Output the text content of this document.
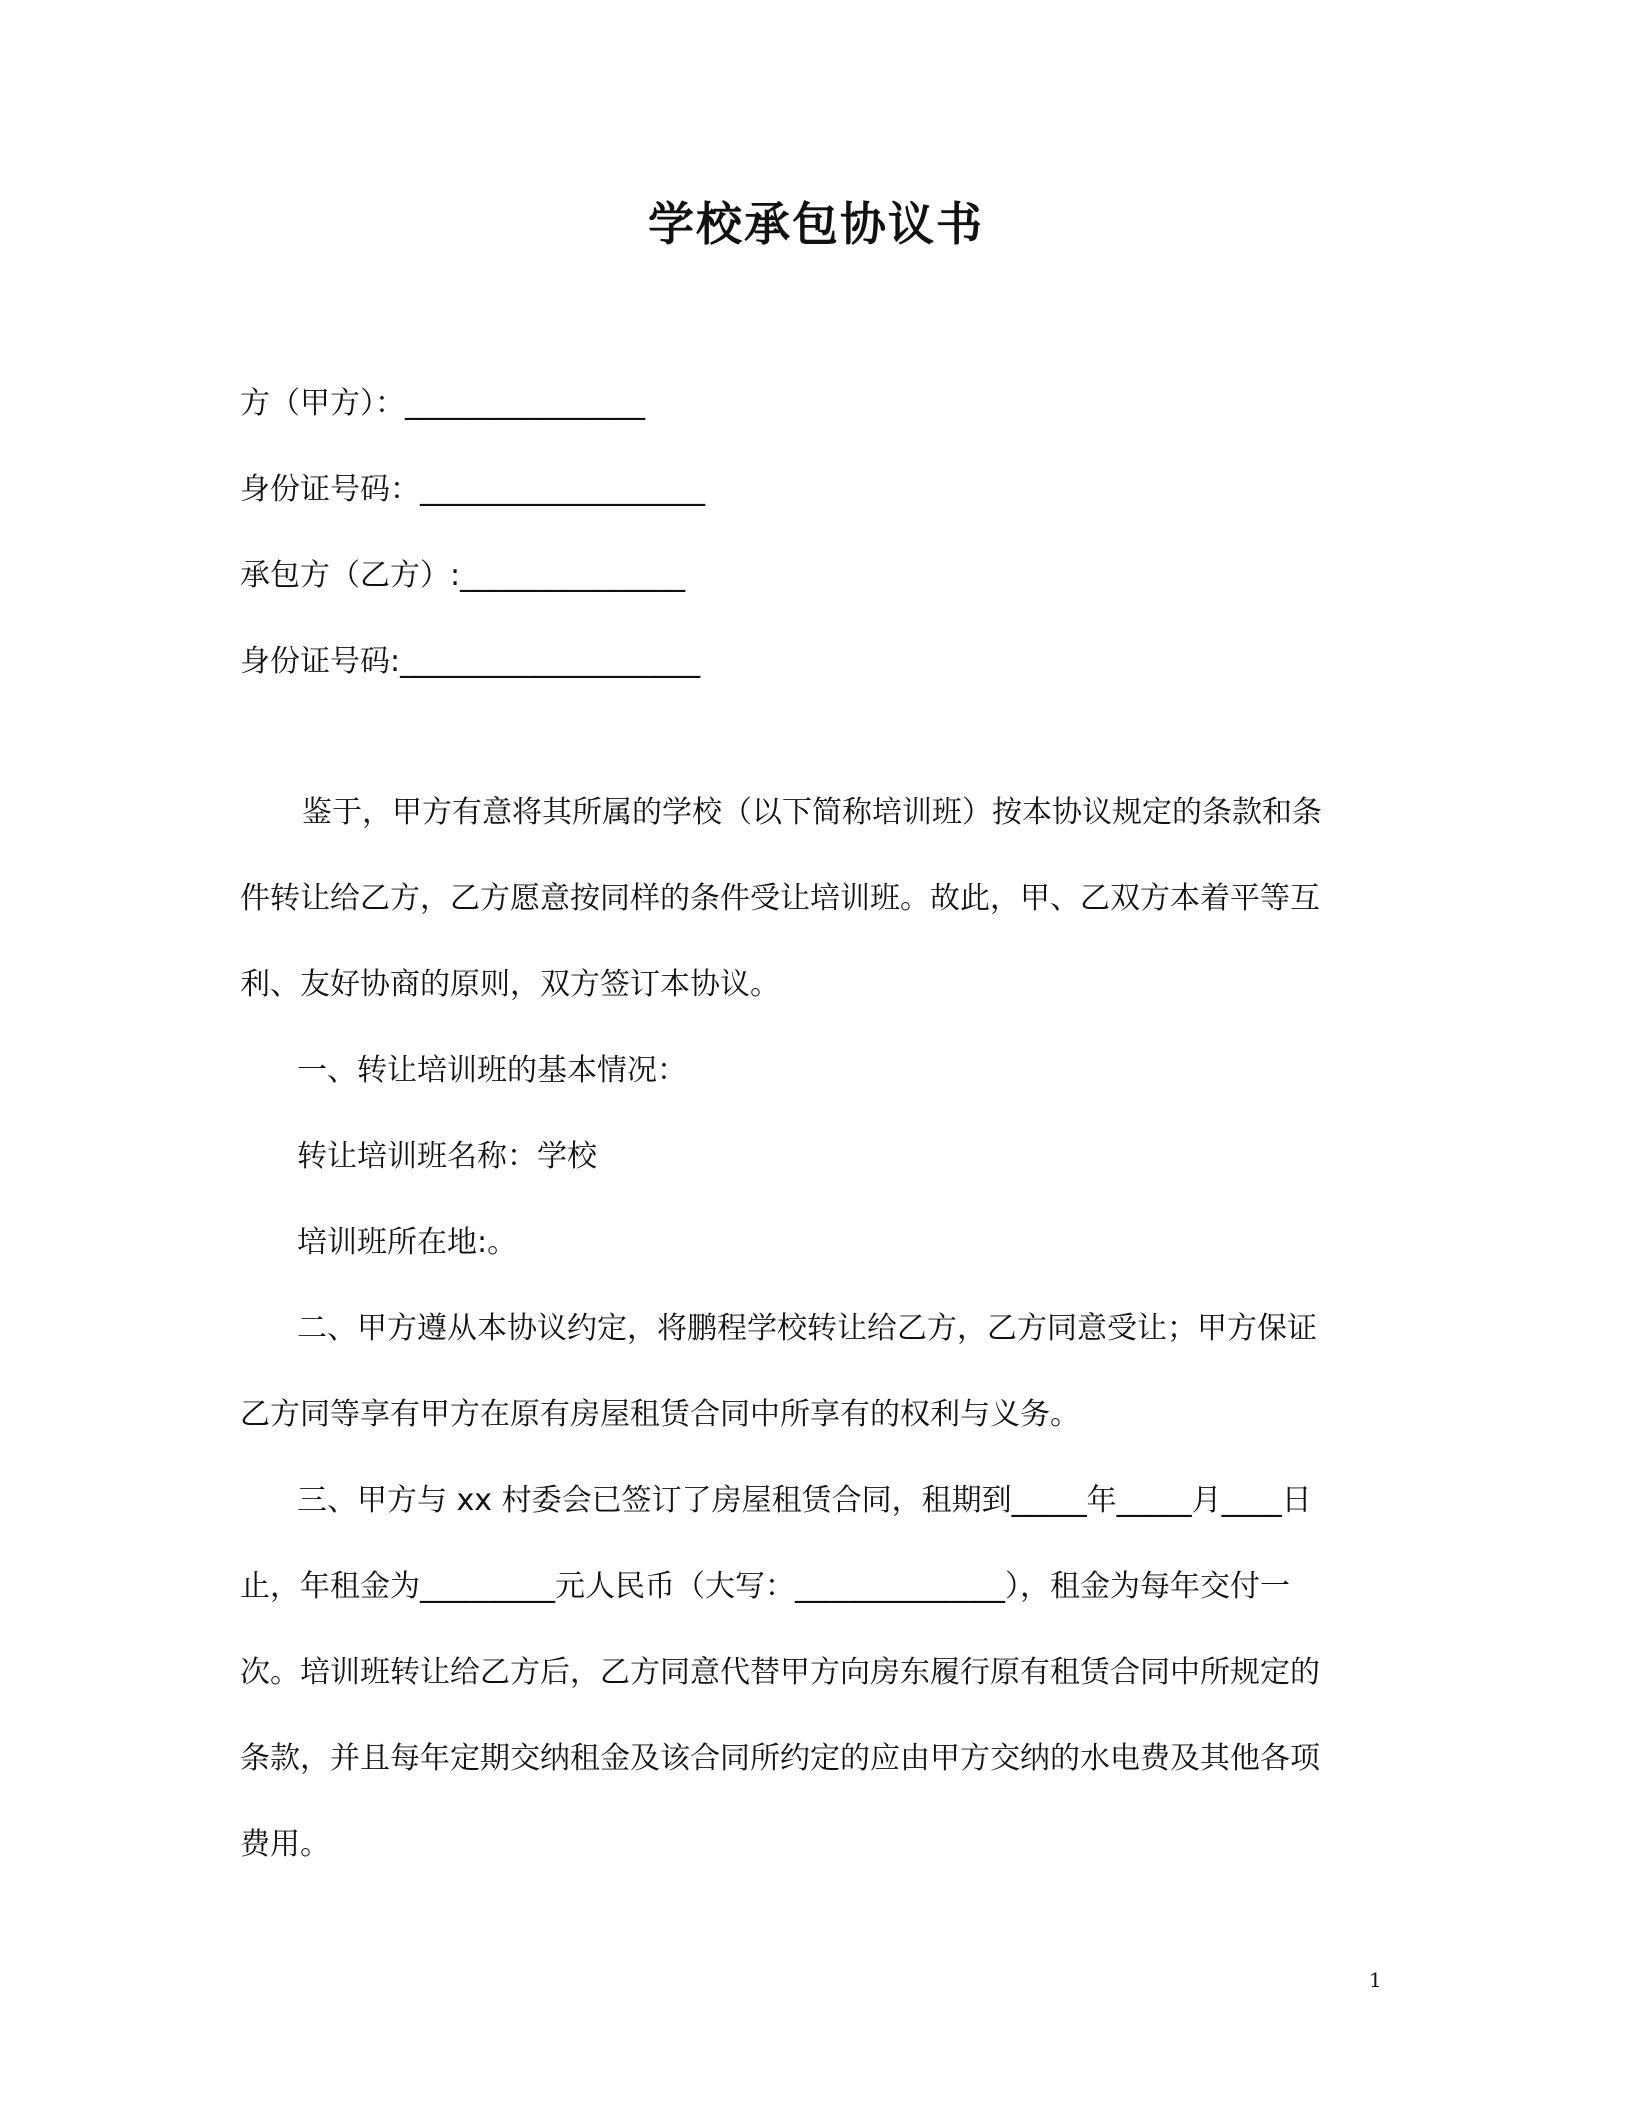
学校承包协议书
方（甲方）：________________
身份证号码：___________________
承包方（乙方）:_______________
身份证号码:____________________
鉴于，甲方有意将其所属的学校（以下简称培训班）按本协议规定的条款和条
件转让给乙方，乙方愿意按同样的条件受让培训班。故此，甲、乙双方本着平等互
利、友好协商的原则，双方签订本协议。
一、转让培训班的基本情况：
转让培训班名称：学校
培训班所在地:。
二、甲方遵从本协议约定，将鹏程学校转让给乙方，乙方同意受让；甲方保证
乙方同等享有甲方在原有房屋租赁合同中所享有的权利与义务。
三、甲方与 xx 村委会已签订了房屋租赁合同，租期到_____年_____月____日
止，年租金为_________元人民币（大写：______________），租金为每年交付一
次。培训班转让给乙方后，乙方同意代替甲方向房东履行原有租赁合同中所规定的
条款，并且每年定期交纳租金及该合同所约定的应由甲方交纳的水电费及其他各项
费用。
1
